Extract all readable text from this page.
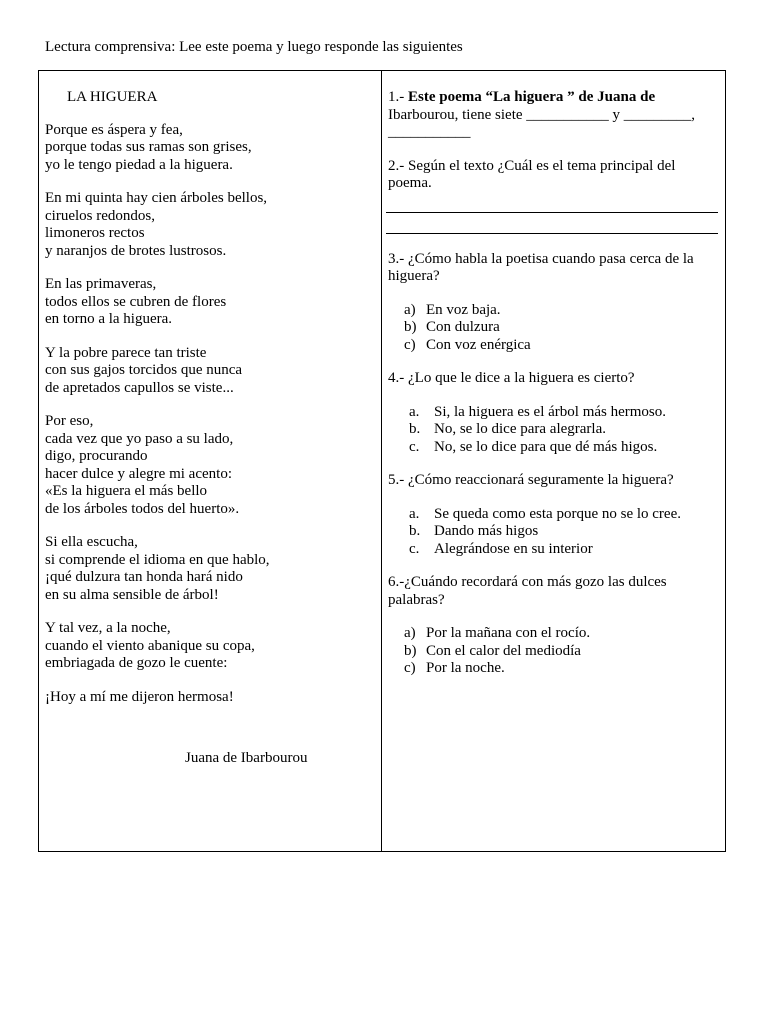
Lectura comprensiva: Lee este poema y luego responde las siguientes
LA HIGUERA
Porque es áspera y fea,
porque todas sus ramas son grises,
yo le tengo piedad a la higuera.
En mi quinta hay cien árboles bellos,
ciruelos redondos,
limoneros rectos
y naranjos de brotes lustrosos.
En las primaveras,
todos ellos se cubren de flores
en torno a la higuera.
Y la pobre parece tan triste
con sus gajos torcidos que nunca
de apretados capullos se viste...
Por eso,
cada vez que yo paso a su lado,
digo, procurando
hacer dulce y alegre mi acento:
«Es la higuera el más bello
de los árboles todos del huerto».
Si ella escucha,
si comprende el idioma en que hablo,
¡qué dulzura tan honda hará nido
en su alma sensible de árbol!
Y tal vez, a la noche,
cuando el viento abanique su copa,
embriagada de gozo le cuente:
¡Hoy a mí me dijeron hermosa!
Juana de Ibarbourou

1.- Este poema “La higuera ” de Juana de Ibarbourou, tiene siete ___________ y _________, ___________

2.- Según el texto ¿Cuál es el tema principal del poema.

3.- ¿Cómo habla la poetisa cuando pasa cerca de la higuera?

a) En voz baja.
b) Con dulzura
c) Con voz enérgica

4.- ¿Lo que le dice a la higuera es cierto?

a. Si, la higuera es el árbol más hermoso.
b. No, se lo dice para alegrarla.
c. No, se lo dice para que dé más higos.

5.- ¿Cómo reaccionará seguramente la higuera?

a. Se queda como esta porque no se lo cree.
b. Dando más higos
c. Alegrándose en su interior

6.-¿Cuándo recordará con más gozo las dulces palabras?

a) Por la mañana con el rocío.
b) Con el calor del mediodía
c) Por la noche.
